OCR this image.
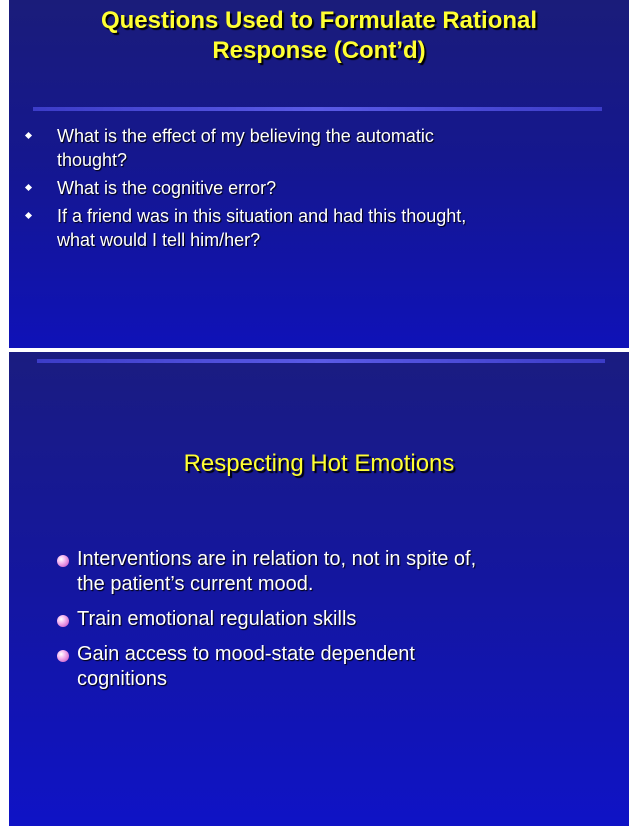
Questions Used to Formulate Rational
Response (Cont’d)
What is the effect of my believing the automatic
thought?
What is the cognitive error?
If a friend was in this situation and had this thought,
what would I tell him/her?
Respecting Hot Emotions
Interventions are in relation to, not in spite of,
the patient’s current mood.
Train emotional regulation skills
Gain access to mood-state dependent
cognitions
